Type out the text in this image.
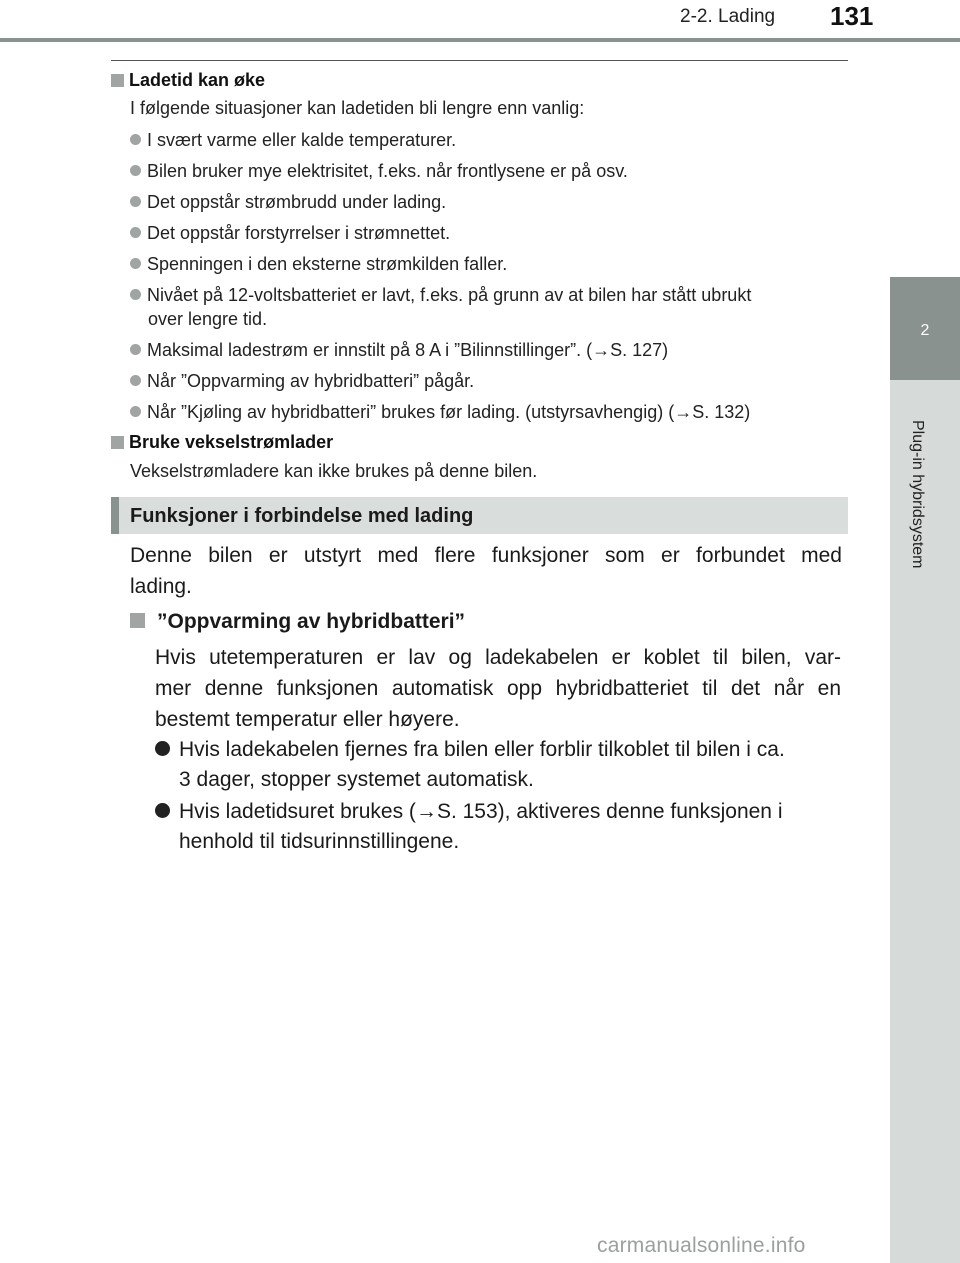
2-2. Lading 131
2
Plug-in hybridsystem
Ladetid kan øke
I følgende situasjoner kan ladetiden bli lengre enn vanlig:
I svært varme eller kalde temperaturer.
Bilen bruker mye elektrisitet, f.eks. når frontlysene er på osv.
Det oppstår strømbrudd under lading.
Det oppstår forstyrrelser i strømnettet.
Spenningen i den eksterne strømkilden faller.
Nivået på 12-voltsbatteriet er lavt, f.eks. på grunn av at bilen har stått ubrukt
over lengre tid.
Maksimal ladestrøm er innstilt på 8 A i ”Bilinnstillinger”. (→S. 127)
Når ”Oppvarming av hybridbatteri” pågår.
Når ”Kjøling av hybridbatteri” brukes før lading. (utstyrsavhengig) (→S. 132)
Bruke vekselstrømlader
Vekselstrømladere kan ikke brukes på denne bilen.
Funksjoner i forbindelse med lading
Denne bilen er utstyrt med flere funksjoner som er forbundet med
lading.
”Oppvarming av hybridbatteri”
Hvis utetemperaturen er lav og ladekabelen er koblet til bilen, var-
mer denne funksjonen automatisk opp hybridbatteriet til det når en
bestemt temperatur eller høyere.
Hvis ladekabelen fjernes fra bilen eller forblir tilkoblet til bilen i ca.
3 dager, stopper systemet automatisk.
Hvis ladetidsuret brukes (→S. 153), aktiveres denne funksjonen i
henhold til tidsurinnstillingene.
carmanualsonline.info
